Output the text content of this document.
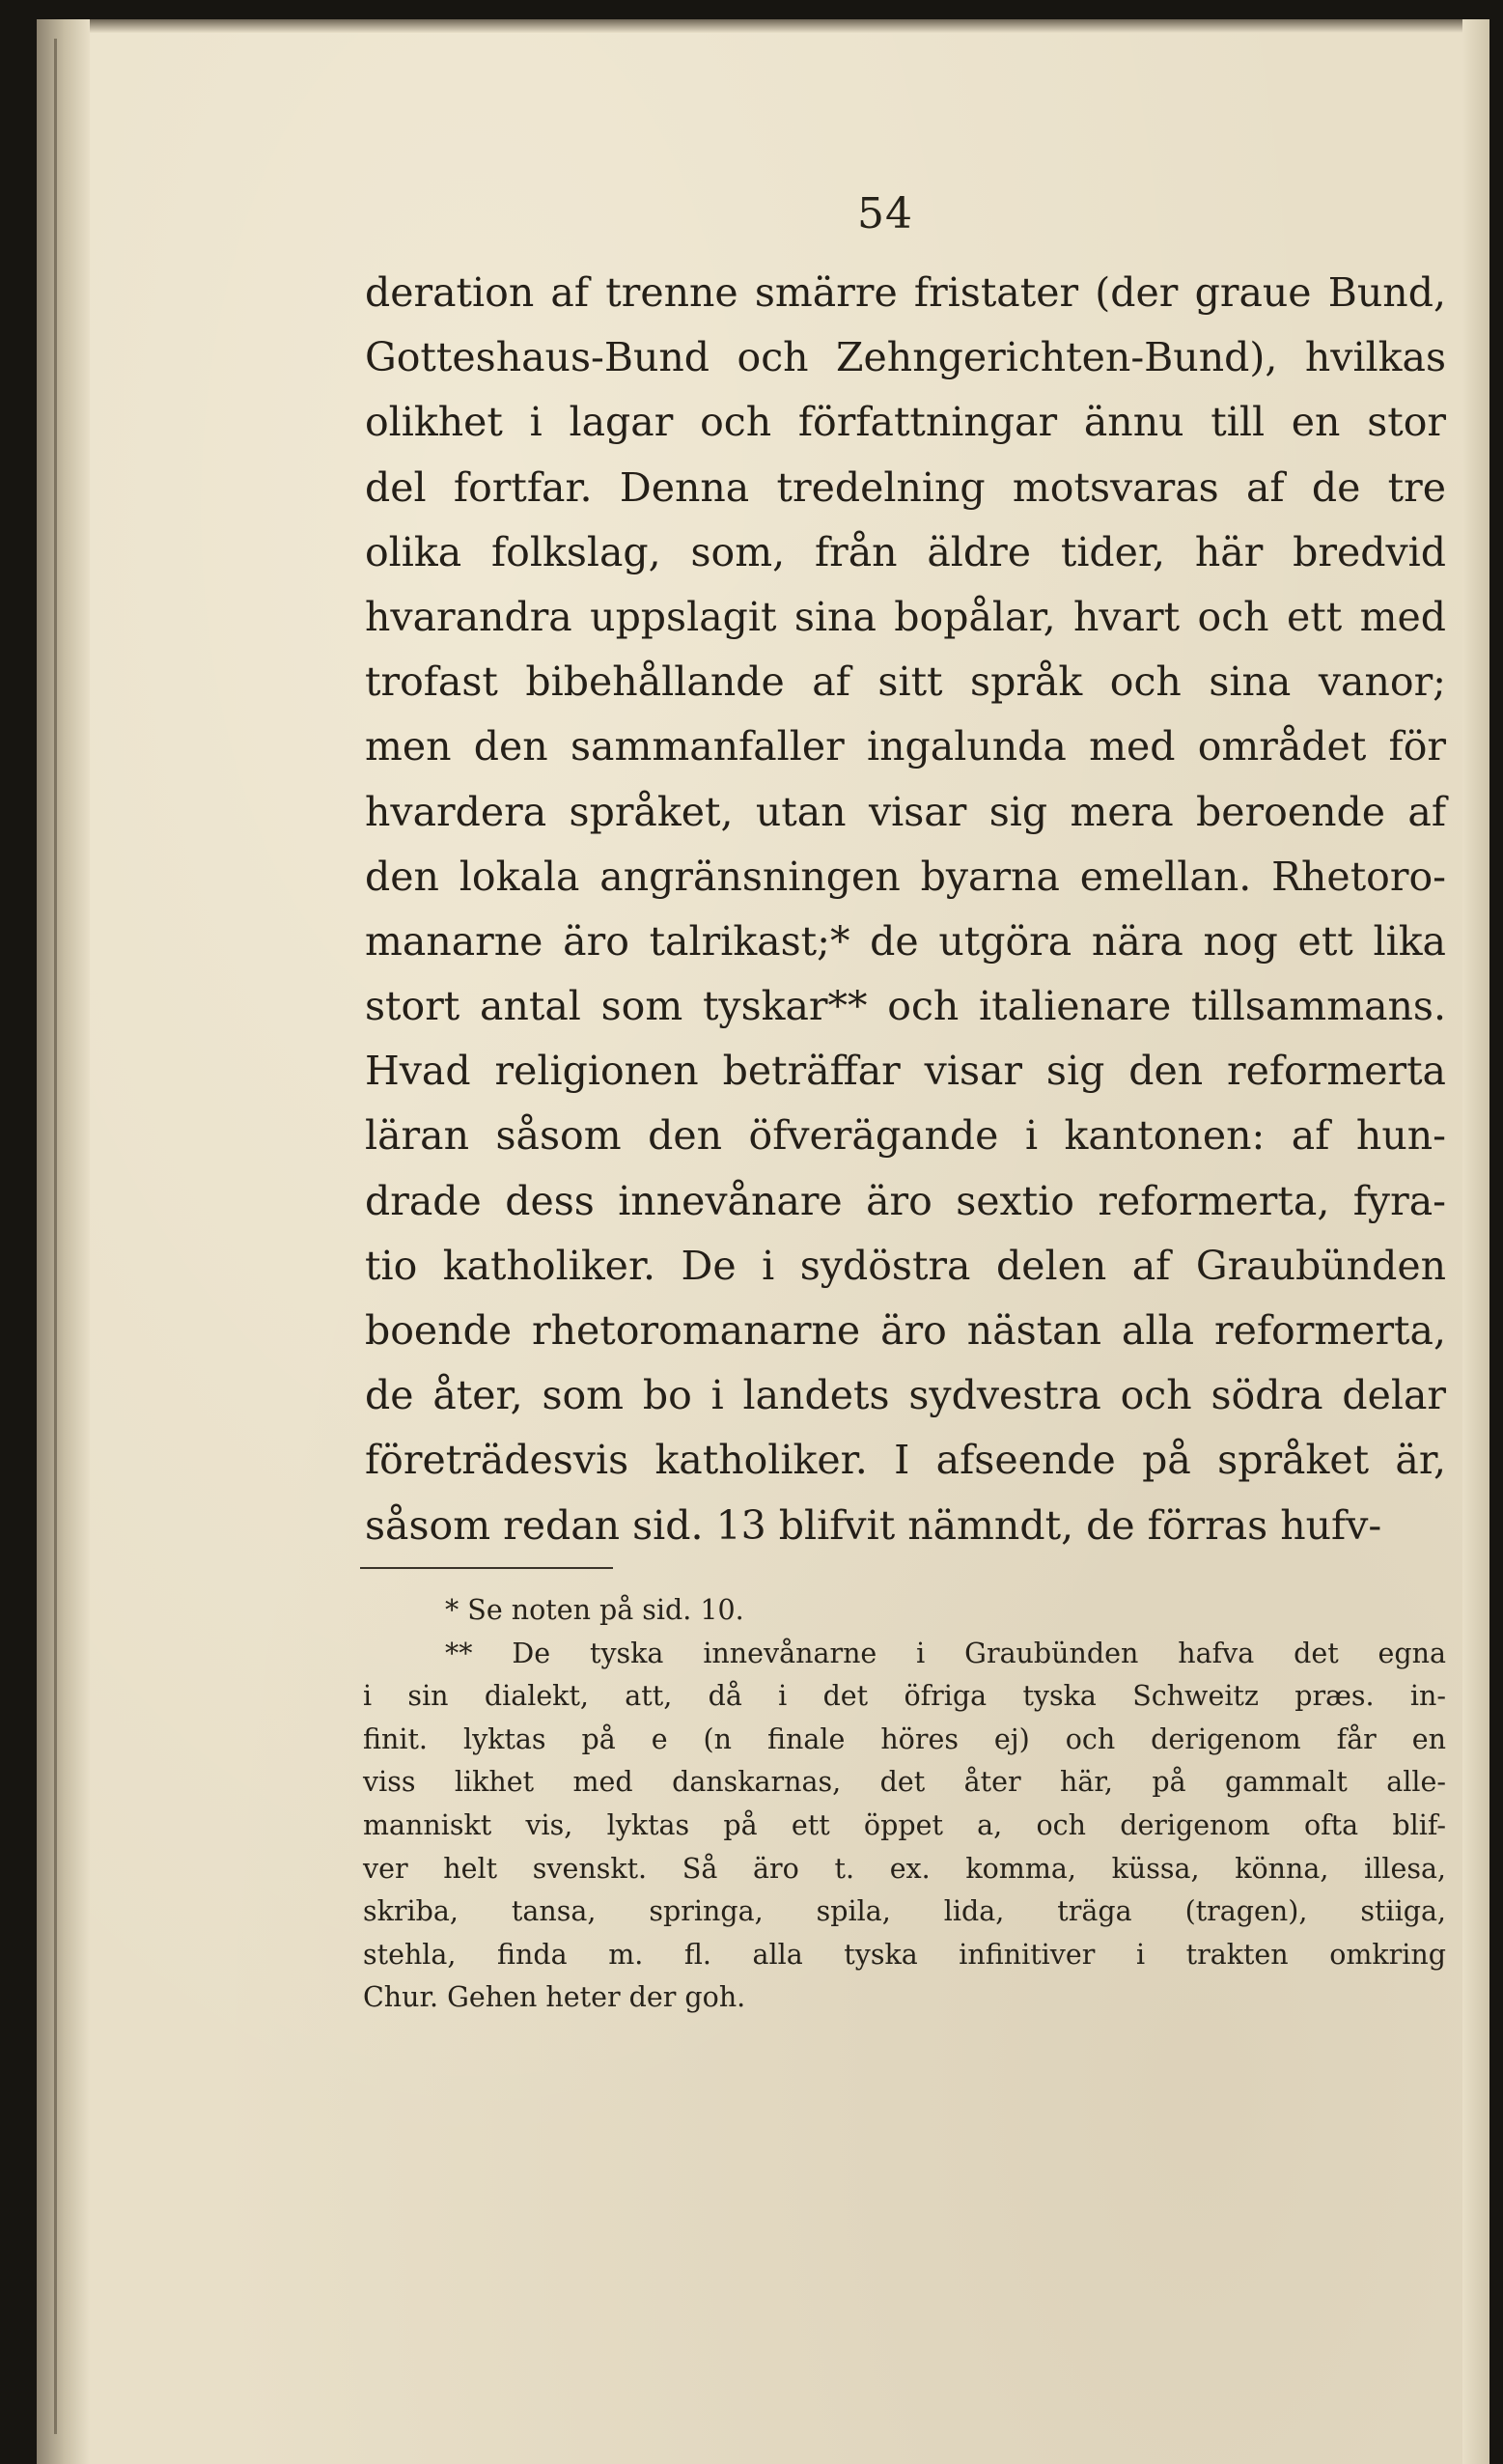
54
deration af trenne smärre fristater (der graue Bund,
Gotteshaus-Bund och Zehngerichten-Bund), hvilkas
olikhet i lagar och författningar ännu till en stor
del fortfar. Denna tredelning motsvaras af de tre
olika folkslag, som, från äldre tider, här bredvid
hvarandra uppslagit sina bopålar, hvart och ett med
trofast bibehållande af sitt språk och sina vanor;
men den sammanfaller ingalunda med området för
hvardera språket, utan visar sig mera beroende af
den lokala angränsningen byarna emellan. Rhetoro-
manarne äro talrikast;* de utgöra nära nog ett lika
stort antal som tyskar** och italienare tillsammans.
Hvad religionen beträffar visar sig den reformerta
läran såsom den öfverägande i kantonen: af hun-
drade dess innevånare äro sextio reformerta, fyra-
tio katholiker. De i sydöstra delen af Graubünden
boende rhetoromanarne äro nästan alla reformerta,
de åter, som bo i landets sydvestra och södra delar
företrädesvis katholiker. I afseende på språket är,
såsom redan sid. 13 blifvit nämndt, de förras hufv-
* Se noten på sid. 10.
** De tyska innevånarne i Graubünden hafva det egna
i sin dialekt, att, då i det öfriga tyska Schweitz præs. in-
finit. lyktas på e (n finale höres ej) och derigenom får en
viss likhet med danskarnas, det åter här, på gammalt alle-
manniskt vis, lyktas på ett öppet a, och derigenom ofta blif-
ver helt svenskt. Så äro t. ex. komma, küssa, könna, illesa,
skriba, tansa, springa, spila, lida, träga (tragen), stiiga,
stehla, finda m. fl. alla tyska infinitiver i trakten omkring
Chur. Gehen heter der goh.
